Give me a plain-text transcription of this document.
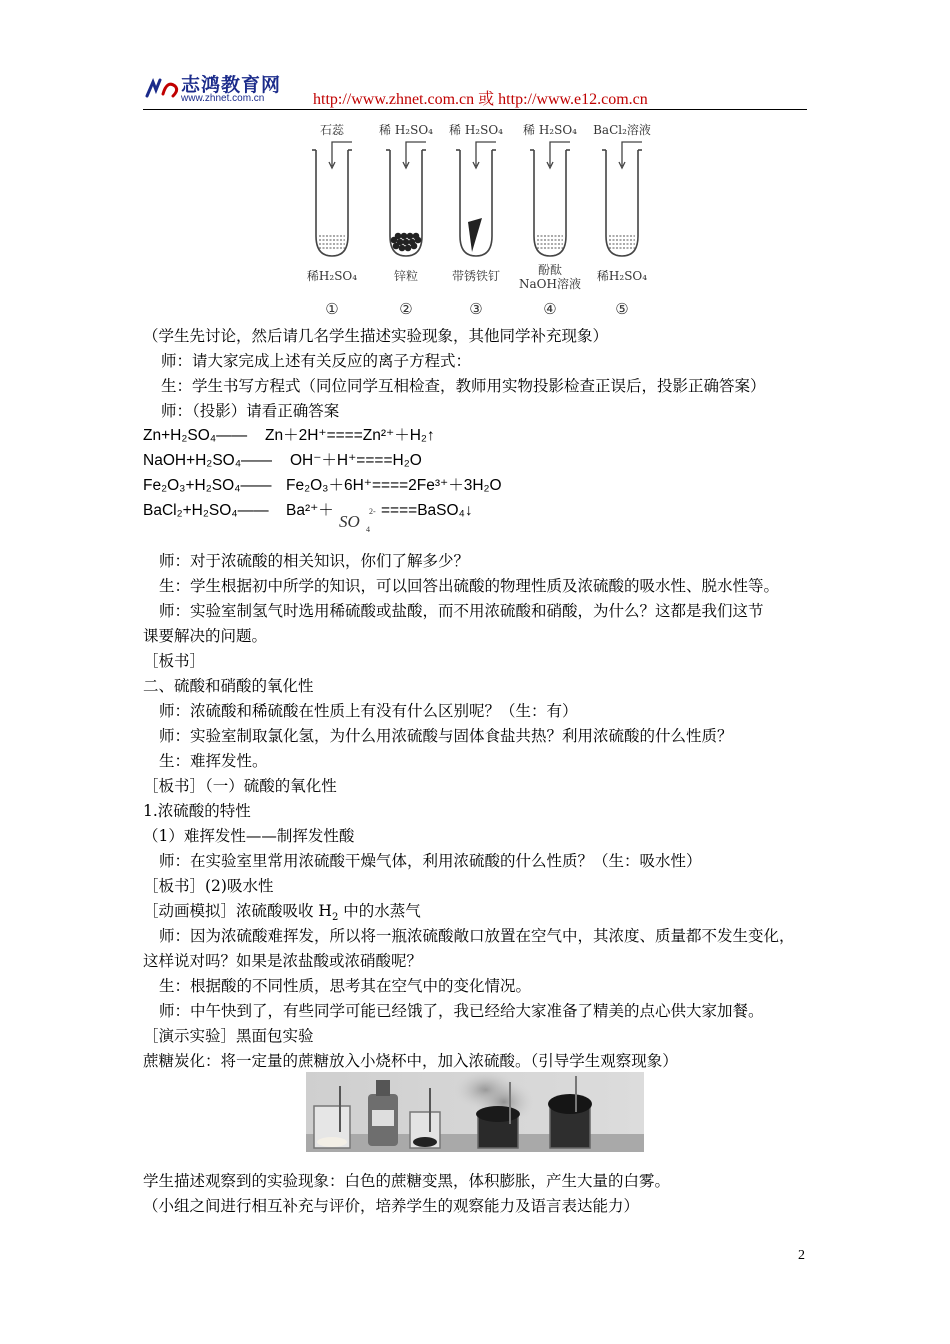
志鸿教育网
www.zhnet.com.cn	http://www.zhnet.com.cn 或 http://www.e12.com.cn
石蕊
稀H₂SO₄
①
稀 H₂SO₄
锌粒
②
稀 H₂SO₄
带锈铁钉
③
稀 H₂SO₄
酚酞
NaOH溶液
④
BaCl₂溶液
稀H₂SO₄
⑤
（学生先讨论，然后请几名学生描述实验现象，其他同学补充现象）
师：请大家完成上述有关反应的离子方程式：
生：学生书写方程式（同位同学互相检查，教师用实物投影检查正误后，投影正确答案）
师：（投影）请看正确答案
Zn+H₂SO₄—— Zn＋2H⁺====Zn²⁺＋H₂↑
NaOH+H₂SO₄—— OH⁻＋H⁺====H₂O
Fe₂O₃+H₂SO₄—— Fe₂O₃＋6H⁺====2Fe³⁺＋3H₂O
BaCl₂+H₂SO₄—— Ba²⁺＋	====BaSO₄↓
SO
2-
4
师：对于浓硫酸的相关知识，你们了解多少？
生：学生根据初中所学的知识，可以回答出硫酸的物理性质及浓硫酸的吸水性、脱水性等。
师：实验室制氢气时选用稀硫酸或盐酸，而不用浓硫酸和硝酸，为什么？这都是我们这节
课要解决的问题。
［板书］
二、硫酸和硝酸的氧化性
师：浓硫酸和稀硫酸在性质上有没有什么区别呢？（生：有）
师：实验室制取氯化氢，为什么用浓硫酸与固体食盐共热？利用浓硫酸的什么性质？
生：难挥发性。
［板书］（一）硫酸的氧化性
1.浓硫酸的特性
（1）难挥发性——制挥发性酸
师：在实验室里常用浓硫酸干燥气体，利用浓硫酸的什么性质？（生：吸水性）
［板书］(2)吸水性
［动画模拟］浓硫酸吸收 $H_2$ 中的水蒸气
师：因为浓硫酸难挥发，所以将一瓶浓硫酸敞口放置在空气中，其浓度、质量都不发生变化，
这样说对吗？如果是浓盐酸或浓硝酸呢？
生：根据酸的不同性质，思考其在空气中的变化情况。
师：中午快到了，有些同学可能已经饿了，我已经给大家准备了精美的点心供大家加餐。
［演示实验］黑面包实验
蔗糖炭化：将一定量的蔗糖放入小烧杯中，加入浓硫酸。（引导学生观察现象）
学生描述观察到的实验现象：白色的蔗糖变黑，体积膨胀，产生大量的白雾。
（小组之间进行相互补充与评价，培养学生的观察能力及语言表达能力）
2
